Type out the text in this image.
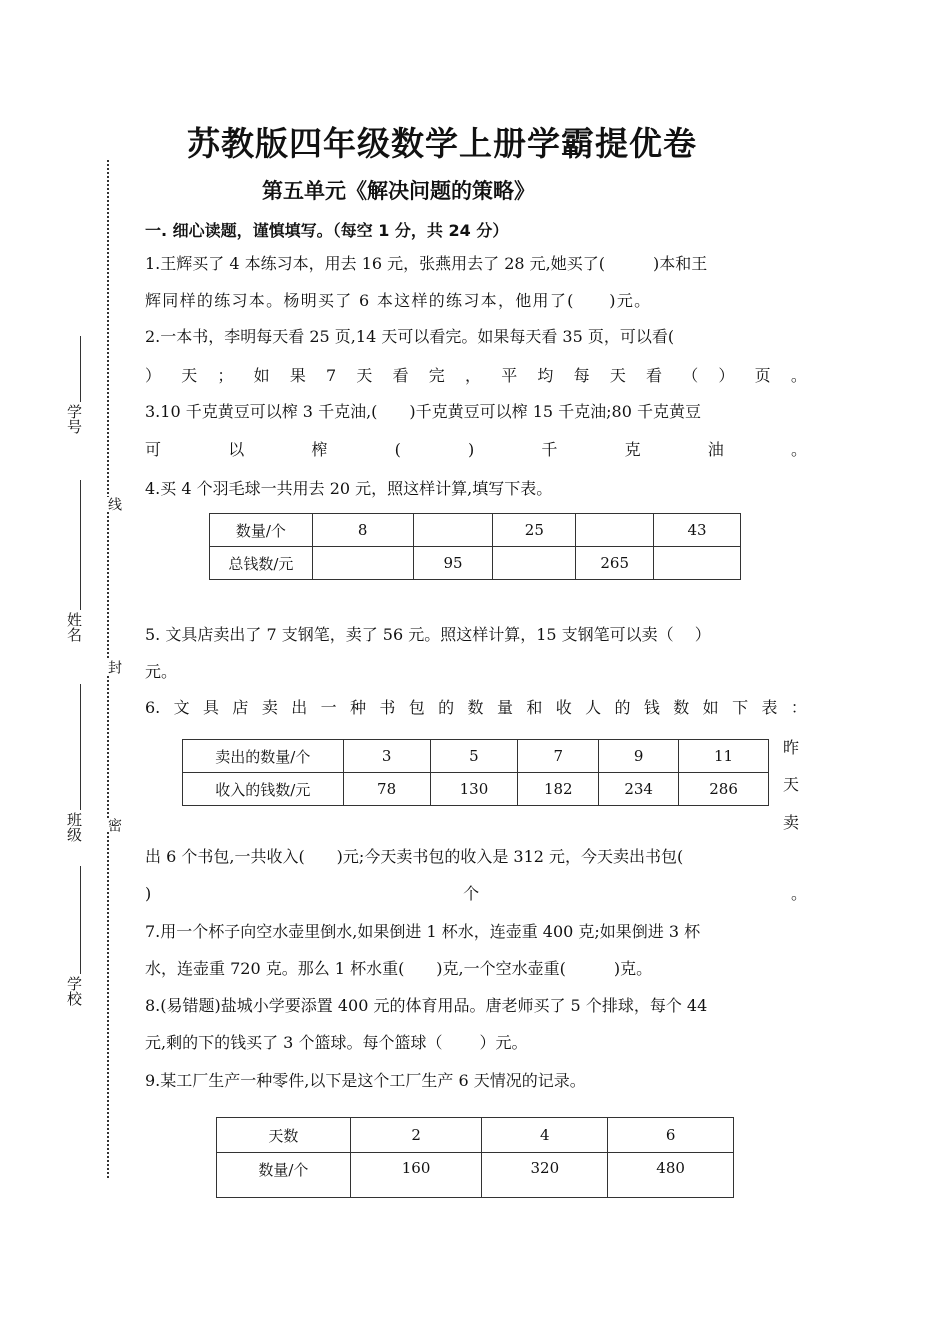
学号
姓名
班级
学校
线
封
密
苏教版四年级数学上册学霸提优卷
第五单元《解决问题的策略》
一. 细心读题，谨慎填写。（每空 1 分，共 24 分）
1.王辉买了 4 本练习本，用去 16 元，张燕用去了 28 元,她买了(　　　)本和王
辉同样的练习本。杨明买了 6 本这样的练习本，他用了(　　)元。
2.一本书，李明每天看 25 页,14 天可以看完。如果每天看 35 页，可以看(
） 天 ； 如 果 7 天 看 完 ， 平 均 每 天 看 （ ） 页 。
3.10 千克黄豆可以榨 3 千克油,(　　)千克黄豆可以榨 15 千克油;80 千克黄豆
可	以	榨	(	)	千	克	油	。
4.买 4 个羽毛球一共用去 20 元，照这样计算,填写下表。
数量/个	8		25		43
总钱数/元		95		265	
5. 文具店卖出了 7 支钢笔，卖了 56 元。照这样计算，15 支钢笔可以卖（　 ）
元。
6. 文 具 店 卖 出 一 种 书 包 的 数 量 和 收 人 的 钱 数 如 下 表 ：
卖出的数量/个	3	5	7	9	11
收入的钱数/元	78	130	182	234	286
昨
天
卖
出 6 个书包,一共收入(　　)元;今天卖书包的收入是 312 元，今天卖出书包(
)	个	。
7.用一个杯子向空水壶里倒水,如果倒进 1 杯水，连壶重 400 克;如果倒进 3 杯
水，连壶重 720 克。那么 1 杯水重(　　)克,一个空水壶重(　　　)克。
8.(易错题)盐城小学要添置 400 元的体育用品。唐老师买了 5 个排球，每个 44
元,剩的下的钱买了 3 个篮球。每个篮球（　　 ）元。
9.某工厂生产一种零件,以下是这个工厂生产 6 天情况的记录。
天数	2	4	6
数量/个	160	320	480
